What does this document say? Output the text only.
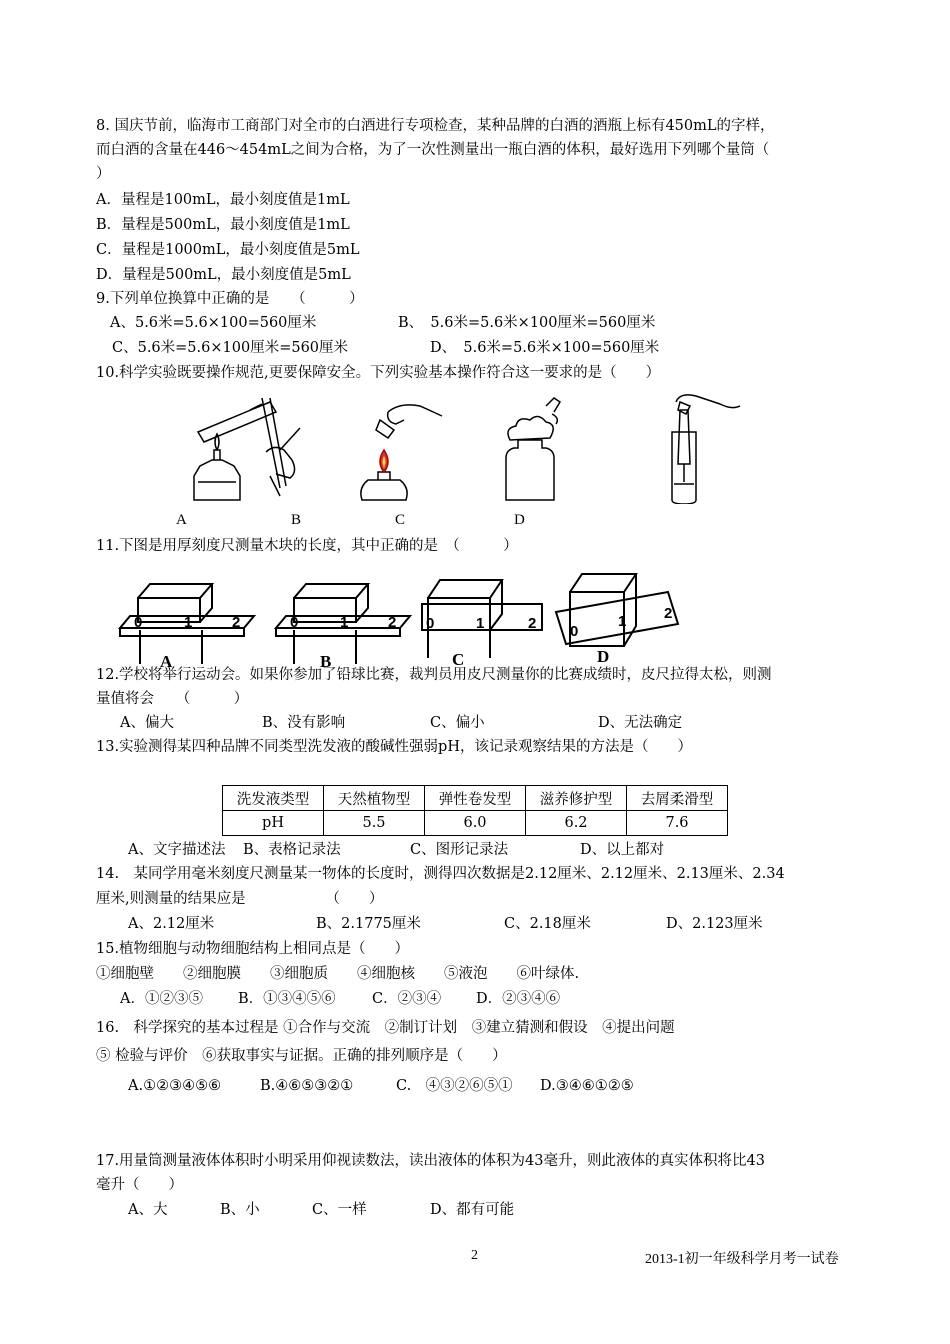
8. 国庆节前，临海市工商部门对全市的白酒进行专项检查，某种品牌的白酒的酒瓶上标有450mL的字样，
而白酒的含量在446～454mL之间为合格，为了一次性测量出一瓶白酒的体积，最好选用下列哪个量筒（
）
A．量程是100mL，最小刻度值是1mL
B．量程是500mL，最小刻度值是1mL
C．量程是1000mL，最小刻度值是5mL
D．量程是500mL，最小刻度值是5mL
9.下列单位换算中正确的是　　（　　　）
A、5.6米=5.6×100=560厘米	B、　5.6米=5.6米×100厘米=560厘米
C、5.6米=5.6×100厘米=560厘米	D、　5.6米=5.6米×100=560厘米
10.科学实验既要操作规范,更要保障安全。下列实验基本操作符合这一要求的是（　　）
A	B	C	D
11.下图是用厚刻度尺测量木块的长度，其中正确的是　（　　　）
0	1	2	0	1	2 0	1	2 0
1	2
A	B	C	D
12.学校将举行运动会。如果你参加了铅球比赛，裁判员用皮尺测量你的比赛成绩时，皮尺拉得太松，则测
量值将会　　（　　　）
A、偏大	B、没有影响	C、偏小	D、无法确定
13.实验测得某四种品牌不同类型洗发液的酸碱性强弱pH，该记录观察结果的方法是（　　）
洗发液类型	天然植物型	弹性卷发型	滋养修护型	去屑柔滑型
pH	5.5	6.0	6.2	7.6
A、文字描述法 B、表格记录法	C、图形记录法	D、以上都对
14.　某同学用毫米刻度尺测量某一物体的长度时，测得四次数据是2.12厘米、2.12厘米、2.13厘米、2.34
厘米,则测量的结果应是　　　　　　（　　）
A、2.12厘米	B、2.1775厘米	C、2.18厘米	D、2.123厘米
15.植物细胞与动物细胞结构上相同点是（　　）
①细胞壁　　②细胞膜　　③细胞质　　④细胞核　　⑤液泡　　⑥叶绿体.
A．①②③⑤ B．①③④⑤⑥	C．②③④ D．②③④⑥
16.　科学探究的基本过程是 ①合作与交流　②制订计划　③建立猜测和假设　④提出问题
⑤ 检验与评价　⑥获取事实与证据。正确的排列顺序是（　　）
A.①②③④⑤⑥	B.④⑥⑤③②①	C.　④③②⑥⑤① D.③④⑥①②⑤
17.用量筒测量液体体积时小明采用仰视读数法，读出液体的体积为43毫升，则此液体的真实体积将比43
毫升（　　）
A、大	B、小	C、一样	D、都有可能
2	2013-1初一年级科学月考一试卷
